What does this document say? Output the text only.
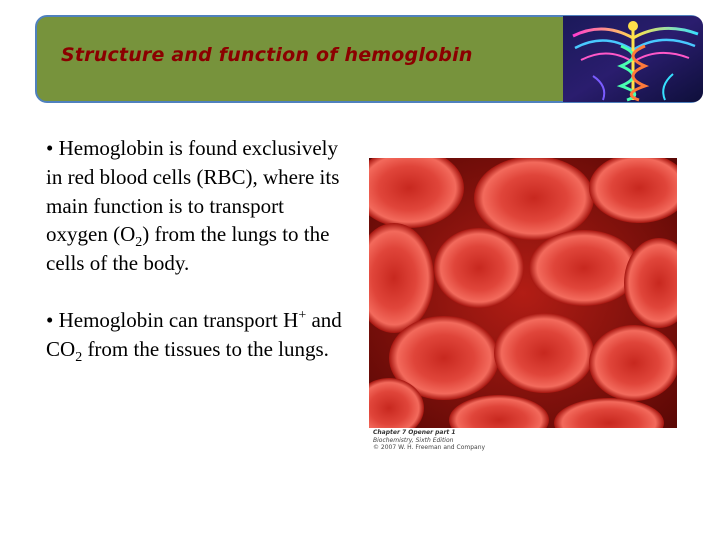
Structure and function of hemoglobin

• Hemoglobin is found exclusively in red blood cells (RBC), where its main function is to transport oxygen $(O_2)$ from the lungs to the cells of the body.

• Hemoglobin can transport H+ and $CO_2$ from the tissues to the lungs.

Chapter 7 Opener part 1
Biochemistry, Sixth Edition
© 2007 W. H. Freeman and Company
